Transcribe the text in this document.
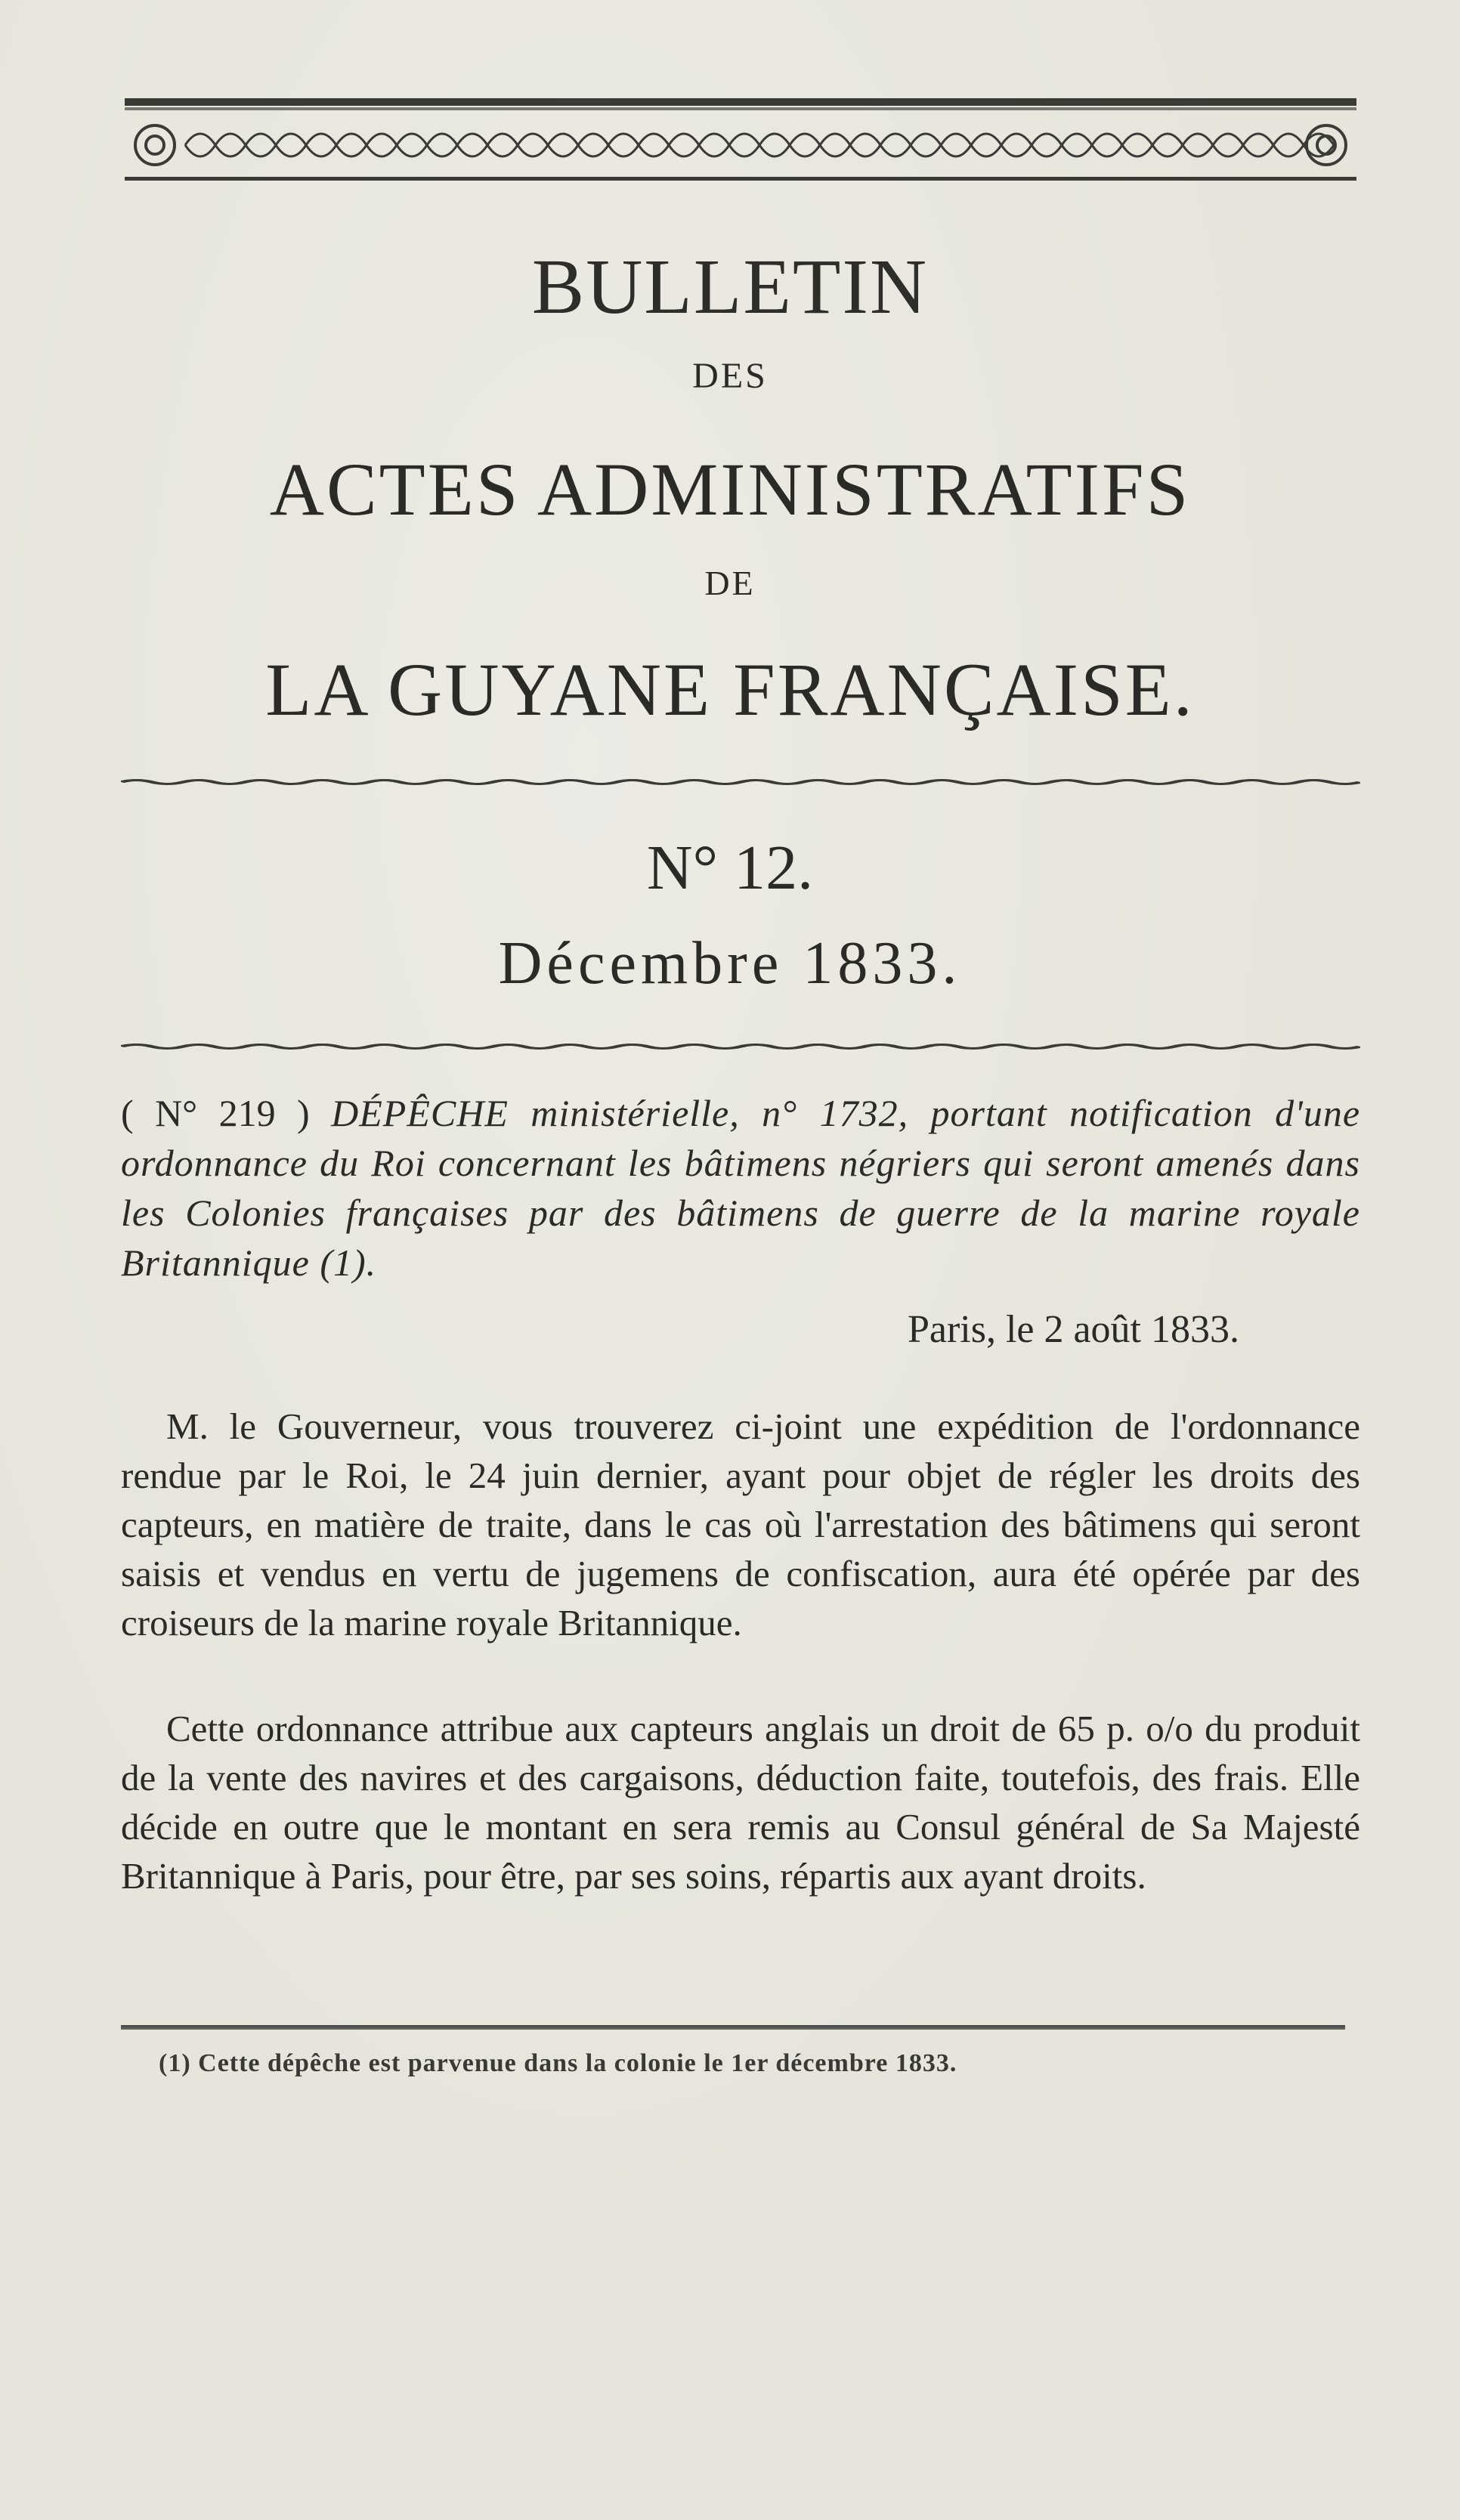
BULLETIN
DES
ACTES ADMINISTRATIFS
DE
LA GUYANE FRANÇAISE.
N° 12.
Décembre 1833.
( N° 219 ) DÉPÊCHE ministérielle, n° 1732, portant notification d'une ordonnance du Roi concernant les bâtimens négriers qui seront amenés dans les Colonies françaises par des bâtimens de guerre de la marine royale Britannique (1).
Paris, le 2 août 1833.
M. le Gouverneur, vous trouverez ci-joint une expédition de l'ordonnance rendue par le Roi, le 24 juin dernier, ayant pour objet de régler les droits des capteurs, en matière de traite, dans le cas où l'arrestation des bâtimens qui seront saisis et vendus en vertu de jugemens de confiscation, aura été opérée par des croiseurs de la marine royale Britannique.
Cette ordonnance attribue aux capteurs anglais un droit de 65 p. o/o du produit de la vente des navires et des cargaisons, déduction faite, toutefois, des frais. Elle décide en outre que le montant en sera remis au Consul général de Sa Majesté Britannique à Paris, pour être, par ses soins, répartis aux ayant droits.
(1) Cette dépêche est parvenue dans la colonie le 1er décembre 1833.
